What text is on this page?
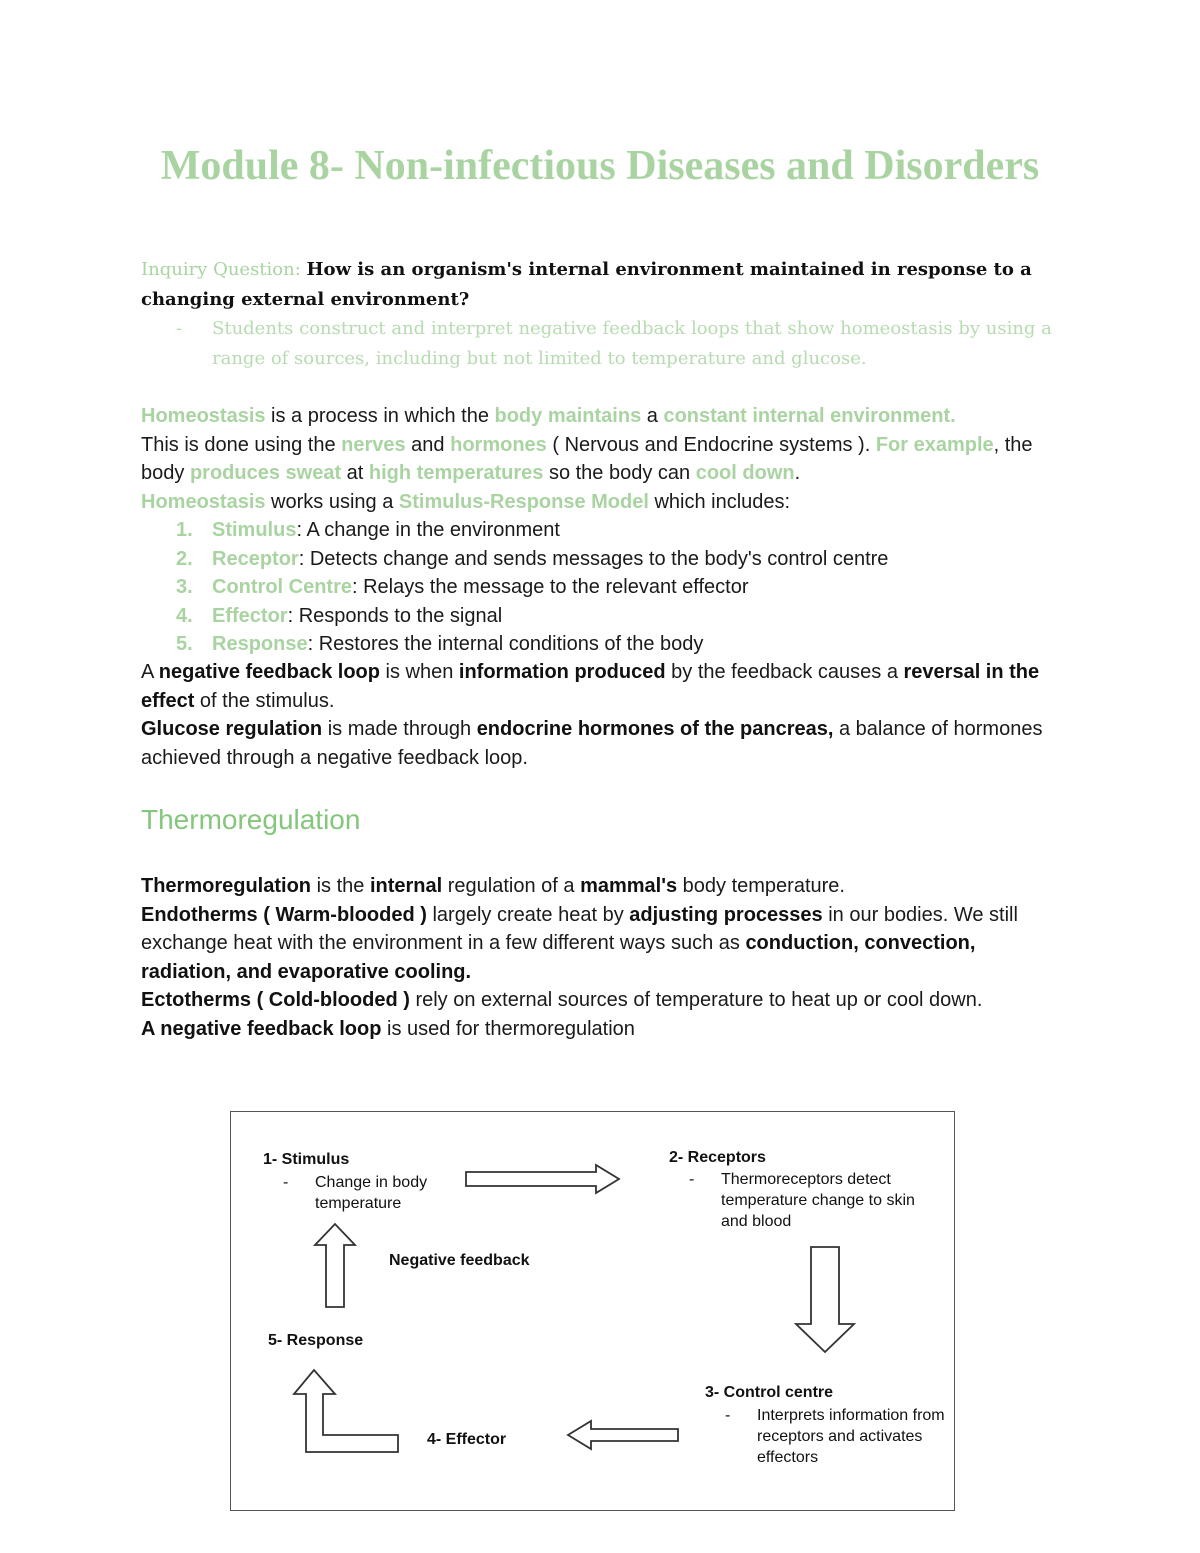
Module 8- Non-infectious Diseases and Disorders

Inquiry Question: How is an organism's internal environment maintained in response to a changing external environment?

- Students construct and interpret negative feedback loops that show homeostasis by using a range of sources, including but not limited to temperature and glucose.

Homeostasis is a process in which the body maintains a constant internal environment.
This is done using the nerves and hormones ( Nervous and Endocrine systems ). For example, the body produces sweat at high temperatures so the body can cool down.
Homeostasis works using a Stimulus-Response Model which includes:

1. Stimulus: A change in the environment
2. Receptor: Detects change and sends messages to the body's control centre
3. Control Centre: Relays the message to the relevant effector
4. Effector: Responds to the signal
5. Response: Restores the internal conditions of the body

A negative feedback loop is when information produced by the feedback causes a reversal in the effect of the stimulus.
Glucose regulation is made through endocrine hormones of the pancreas, a balance of hormones achieved through a negative feedback loop.

Thermoregulation

Thermoregulation is the internal regulation of a mammal's body temperature.
Endotherms ( Warm-blooded ) largely create heat by adjusting processes in our bodies. We still exchange heat with the environment in a few different ways such as conduction, convection, radiation, and evaporative cooling.
Ectotherms ( Cold-blooded ) rely on external sources of temperature to heat up or cool down.
A negative feedback loop is used for thermoregulation

1- Stimulus
- Change in body temperature
2- Receptors
- Thermoreceptors detect temperature change to skin and blood
Negative feedback
5- Response
3- Control centre
- Interprets information from receptors and activates effectors
4- Effector
